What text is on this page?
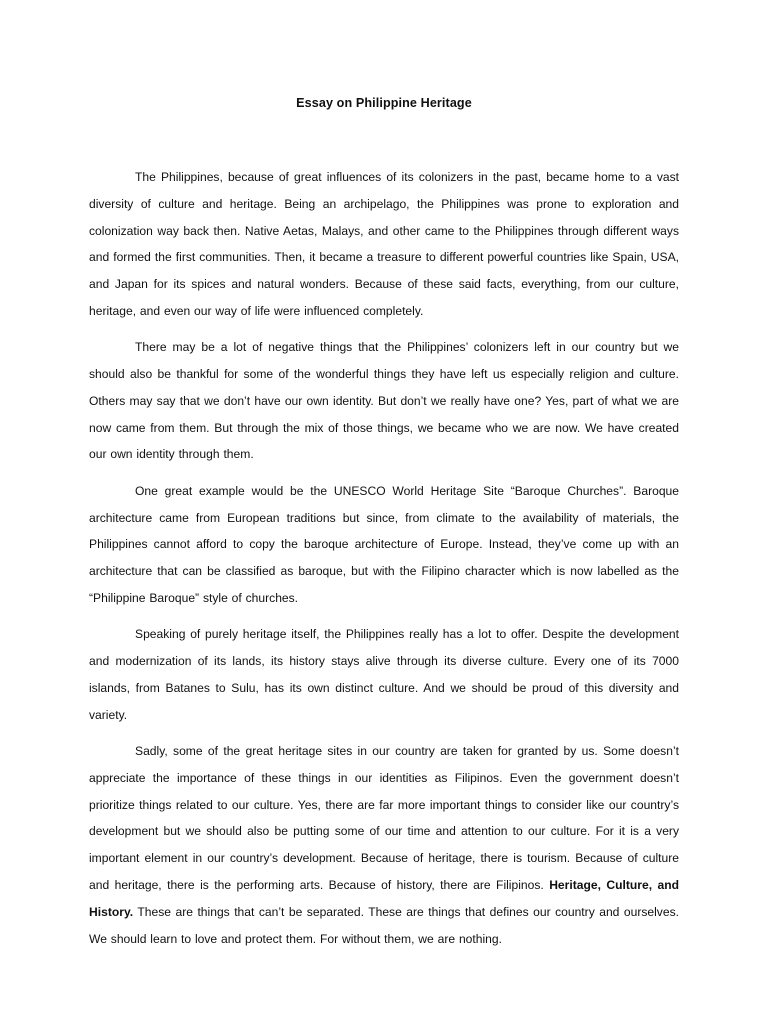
Essay on Philippine Heritage

The Philippines, because of great influences of its colonizers in the past, became home to a vast diversity of culture and heritage. Being an archipelago, the Philippines was prone to exploration and colonization way back then. Native Aetas, Malays, and other came to the Philippines through different ways and formed the first communities. Then, it became a treasure to different powerful countries like Spain, USA, and Japan for its spices and natural wonders. Because of these said facts, everything, from our culture, heritage, and even our way of life were influenced completely.

There may be a lot of negative things that the Philippines’ colonizers left in our country but we should also be thankful for some of the wonderful things they have left us especially religion and culture. Others may say that we don’t have our own identity. But don’t we really have one? Yes, part of what we are now came from them. But through the mix of those things, we became who we are now. We have created our own identity through them.

One great example would be the UNESCO World Heritage Site “Baroque Churches”. Baroque architecture came from European traditions but since, from climate to the availability of materials, the Philippines cannot afford to copy the baroque architecture of Europe. Instead, they’ve come up with an architecture that can be classified as baroque, but with the Filipino character which is now labelled as the “Philippine Baroque” style of churches.

Speaking of purely heritage itself, the Philippines really has a lot to offer. Despite the development and modernization of its lands, its history stays alive through its diverse culture. Every one of its 7000 islands, from Batanes to Sulu, has its own distinct culture. And we should be proud of this diversity and variety.

Sadly, some of the great heritage sites in our country are taken for granted by us. Some doesn’t appreciate the importance of these things in our identities as Filipinos. Even the government doesn’t prioritize things related to our culture. Yes, there are far more important things to consider like our country’s development but we should also be putting some of our time and attention to our culture. For it is a very important element in our country’s development. Because of heritage, there is tourism. Because of culture and heritage, there is the performing arts. Because of history, there are Filipinos. Heritage, Culture, and History. These are things that can’t be separated. These are things that defines our country and ourselves. We should learn to love and protect them. For without them, we are nothing.
